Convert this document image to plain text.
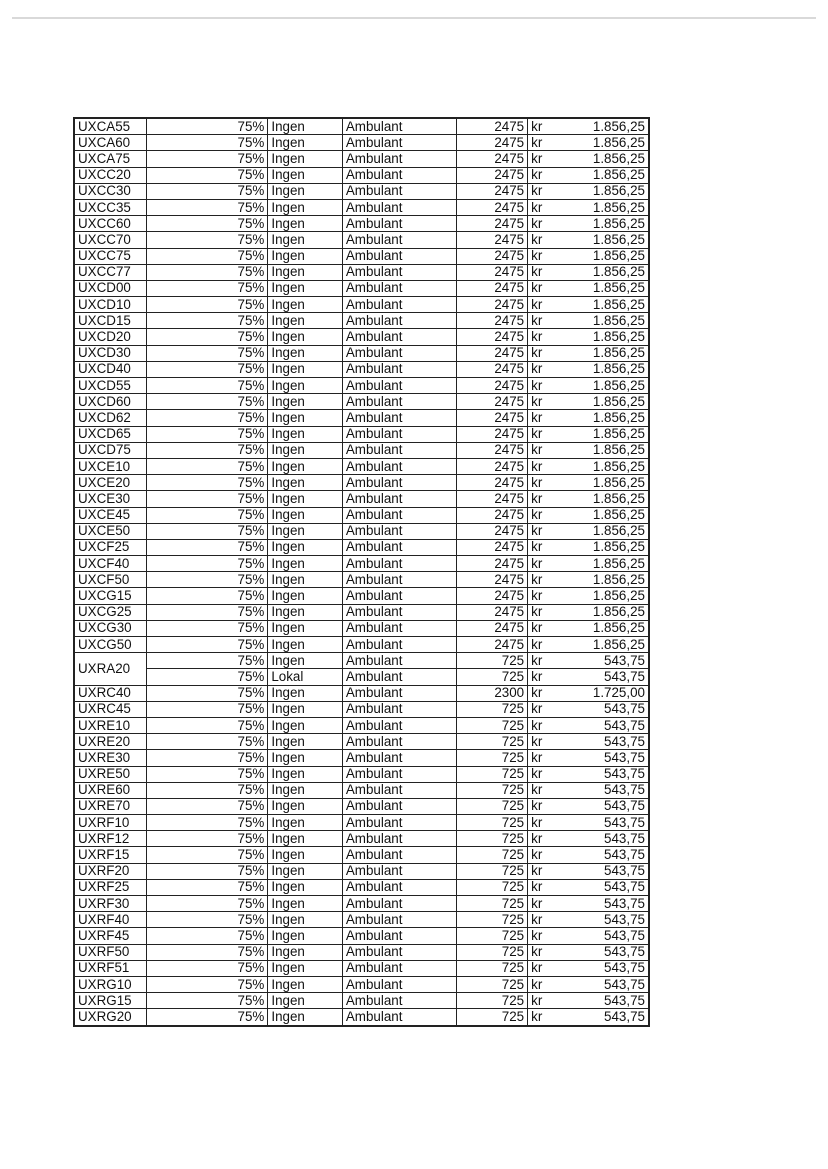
UXCA55	75%	Ingen	Ambulant	2475	kr	1.856,25
UXCA60	75%	Ingen	Ambulant	2475	kr	1.856,25
UXCA75	75%	Ingen	Ambulant	2475	kr	1.856,25
UXCC20	75%	Ingen	Ambulant	2475	kr	1.856,25
UXCC30	75%	Ingen	Ambulant	2475	kr	1.856,25
UXCC35	75%	Ingen	Ambulant	2475	kr	1.856,25
UXCC60	75%	Ingen	Ambulant	2475	kr	1.856,25
UXCC70	75%	Ingen	Ambulant	2475	kr	1.856,25
UXCC75	75%	Ingen	Ambulant	2475	kr	1.856,25
UXCC77	75%	Ingen	Ambulant	2475	kr	1.856,25
UXCD00	75%	Ingen	Ambulant	2475	kr	1.856,25
UXCD10	75%	Ingen	Ambulant	2475	kr	1.856,25
UXCD15	75%	Ingen	Ambulant	2475	kr	1.856,25
UXCD20	75%	Ingen	Ambulant	2475	kr	1.856,25
UXCD30	75%	Ingen	Ambulant	2475	kr	1.856,25
UXCD40	75%	Ingen	Ambulant	2475	kr	1.856,25
UXCD55	75%	Ingen	Ambulant	2475	kr	1.856,25
UXCD60	75%	Ingen	Ambulant	2475	kr	1.856,25
UXCD62	75%	Ingen	Ambulant	2475	kr	1.856,25
UXCD65	75%	Ingen	Ambulant	2475	kr	1.856,25
UXCD75	75%	Ingen	Ambulant	2475	kr	1.856,25
UXCE10	75%	Ingen	Ambulant	2475	kr	1.856,25
UXCE20	75%	Ingen	Ambulant	2475	kr	1.856,25
UXCE30	75%	Ingen	Ambulant	2475	kr	1.856,25
UXCE45	75%	Ingen	Ambulant	2475	kr	1.856,25
UXCE50	75%	Ingen	Ambulant	2475	kr	1.856,25
UXCF25	75%	Ingen	Ambulant	2475	kr	1.856,25
UXCF40	75%	Ingen	Ambulant	2475	kr	1.856,25
UXCF50	75%	Ingen	Ambulant	2475	kr	1.856,25
UXCG15	75%	Ingen	Ambulant	2475	kr	1.856,25
UXCG25	75%	Ingen	Ambulant	2475	kr	1.856,25
UXCG30	75%	Ingen	Ambulant	2475	kr	1.856,25
UXCG50	75%	Ingen	Ambulant	2475	kr	1.856,25
UXRA20	75%	Ingen	Ambulant	725	kr	543,75
	75%	Lokal	Ambulant	725	kr	543,75
UXRC40	75%	Ingen	Ambulant	2300	kr	1.725,00
UXRC45	75%	Ingen	Ambulant	725	kr	543,75
UXRE10	75%	Ingen	Ambulant	725	kr	543,75
UXRE20	75%	Ingen	Ambulant	725	kr	543,75
UXRE30	75%	Ingen	Ambulant	725	kr	543,75
UXRE50	75%	Ingen	Ambulant	725	kr	543,75
UXRE60	75%	Ingen	Ambulant	725	kr	543,75
UXRE70	75%	Ingen	Ambulant	725	kr	543,75
UXRF10	75%	Ingen	Ambulant	725	kr	543,75
UXRF12	75%	Ingen	Ambulant	725	kr	543,75
UXRF15	75%	Ingen	Ambulant	725	kr	543,75
UXRF20	75%	Ingen	Ambulant	725	kr	543,75
UXRF25	75%	Ingen	Ambulant	725	kr	543,75
UXRF30	75%	Ingen	Ambulant	725	kr	543,75
UXRF40	75%	Ingen	Ambulant	725	kr	543,75
UXRF45	75%	Ingen	Ambulant	725	kr	543,75
UXRF50	75%	Ingen	Ambulant	725	kr	543,75
UXRF51	75%	Ingen	Ambulant	725	kr	543,75
UXRG10	75%	Ingen	Ambulant	725	kr	543,75
UXRG15	75%	Ingen	Ambulant	725	kr	543,75
UXRG20	75%	Ingen	Ambulant	725	kr	543,75
